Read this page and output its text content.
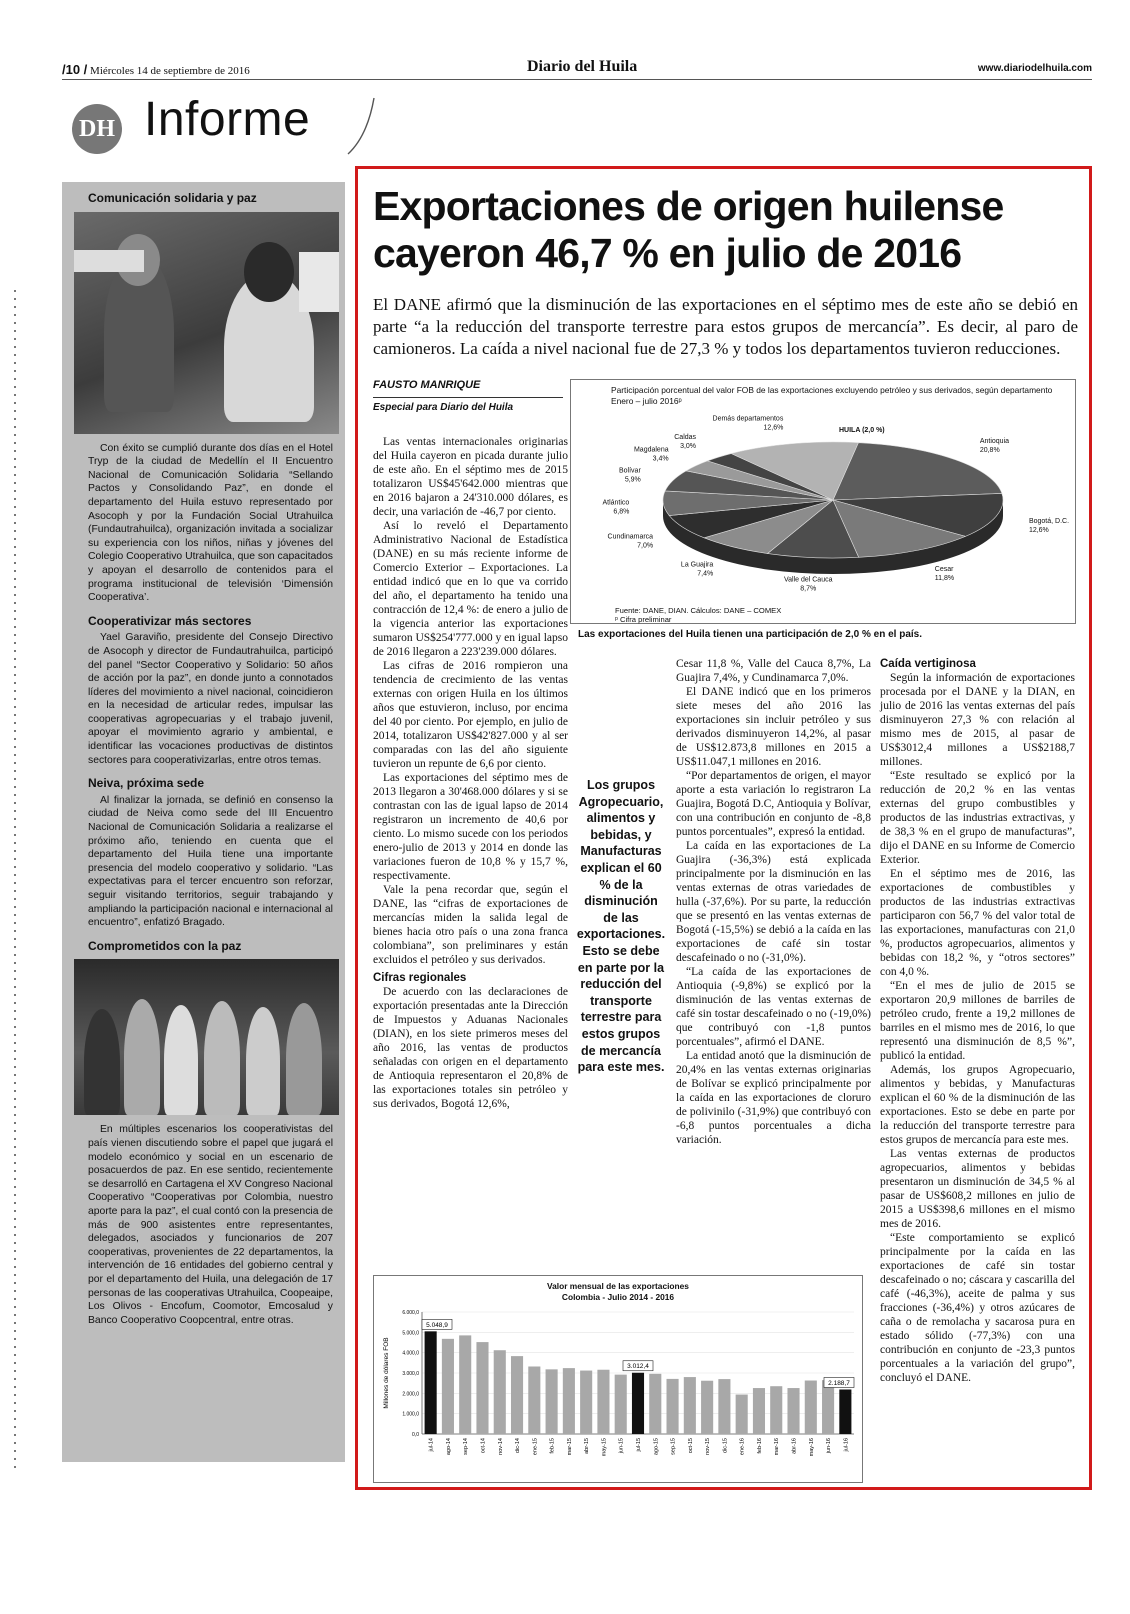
/10 / Miércoles 14 de septiembre de 2016	Diario del Huila	www.diariodelhuila.com
DH Informe
Comunicación solidaria y paz

Con éxito se cumplió durante dos días en el Hotel Tryp de la ciudad de Medellín el II Encuentro Nacional de Comunicación Solidaria “Sellando Pactos y Consolidando Paz”, en donde el departamento del Huila estuvo representado por Asocoph y por la Fundación Social Utrahuilca (Fundautrahuilca), organización invitada a socializar su experiencia con los niños, niñas y jóvenes del Colegio Cooperativo Utrahuilca, que son capacitados y apoyan el desarrollo de contenidos para el programa institucional de televisión ‘Dimensión Cooperativa’.

Cooperativizar más sectores

Yael Garaviño, presidente del Consejo Directivo de Asocoph y director de Fundautrahuilca, participó del panel “Sector Cooperativo y Solidario: 50 años de acción por la paz”, en donde junto a connotados líderes del movimiento a nivel nacional, coincidieron en la necesidad de articular redes, impulsar las cooperativas agropecuarias y el trabajo juvenil, apoyar el movimiento agrario y ambiental, e identificar las vocaciones productivas de distintos sectores para cooperativizarlas, entre otros temas.

Neiva, próxima sede

Al finalizar la jornada, se definió en consenso la ciudad de Neiva como sede del III Encuentro Nacional de Comunicación Solidaria a realizarse el próximo año, teniendo en cuenta que el departamento del Huila tiene una importante presencia del modelo cooperativo y solidario. “Las expectativas para el tercer encuentro son reforzar, seguir visitando territorios, seguir trabajando y ampliando la participación nacional e internacional al encuentro”, enfatizó Bragado.

Comprometidos con la paz

En múltiples escenarios los cooperativistas del país vienen discutiendo sobre el papel que jugará el modelo económico y social en un escenario de posacuerdos de paz. En ese sentido, recientemente se desarrolló en Cartagena el XV Congreso Nacional Cooperativo “Cooperativas por Colombia, nuestro aporte para la paz”, el cual contó con la presencia de más de 900 asistentes entre representantes, delegados, asociados y funcionarios de 207 cooperativas, provenientes de 22 departamentos, la intervención de 16 entidades del gobierno central y por el departamento del Huila, una delegación de 17 personas de las cooperativas Utrahuilca, Coopeaipe, Los Olivos - Encofum, Coomotor, Emcosalud y Banco Cooperativo Coopcentral, entre otras.

Exportaciones de origen huilense cayeron 46,7 % en julio de 2016
El DANE afirmó que la disminución de las exportaciones en el séptimo mes de este año se debió en parte “a la reducción del transporte terrestre para estos grupos de mercancía”. Es decir, al paro de camioneros. La caída a nivel nacional fue de 27,3 % y todos los departamentos tuvieron reducciones.
FAUSTO MANRIQUE
Especial para Diario del Huila

Las ventas internacionales originarias del Huila cayeron en picada durante julio de este año. En el séptimo mes de 2015 totalizaron US$45'642.000 mientras que en 2016 bajaron a 24'310.000 dólares, es decir, una variación de -46,7 por ciento.

Así lo reveló el Departamento Administrativo Nacional de Estadística (DANE) en su más reciente informe de Comercio Exterior – Exportaciones. La entidad indicó que en lo que va corrido del año, el departamento ha tenido una contracción de 12,4 %: de enero a julio de la vigencia anterior las exportaciones sumaron US$254'777.000 y en igual lapso de 2016 llegaron a 223'239.000 dólares.

Las cifras de 2016 rompieron una tendencia de crecimiento de las ventas externas con origen Huila en los últimos años que estuvieron, incluso, por encima del 40 por ciento. Por ejemplo, en julio de 2014, totalizaron US$42'827.000 y al ser comparadas con las del año siguiente tuvieron un repunte de 6,6 por ciento.

Las exportaciones del séptimo mes de 2013 llegaron a 30'468.000 dólares y si se contrastan con las de igual lapso de 2014 registraron un incremento de 40,6 por ciento. Lo mismo sucede con los periodos enero-julio de 2013 y 2014 en donde las variaciones fueron de 10,8 % y 15,7 %, respectivamente.

Vale la pena recordar que, según el DANE, las “cifras de exportaciones de mercancías miden la salida legal de bienes hacia otro país o una zona franca colombiana”, son preliminares y están excluidos el petróleo y sus derivados.

Cifras regionales

De acuerdo con las declaraciones de exportación presentadas ante la Dirección de Impuestos y Aduanas Nacionales (DIAN), en los siete primeros meses del año 2016, las ventas de productos señaladas con origen en el departamento de Antioquia representaron el 20,8% de las exportaciones totales sin petróleo y sus derivados, Bogotá 12,6%,

Los grupos Agropecuario, alimentos y bebidas, y Manufacturas explican el 60 % de la disminución de las exportaciones. Esto se debe en parte por la reducción del transporte terrestre para estos grupos de mercancía para este mes.

Cesar 11,8 %, Valle del Cauca 8,7%, La Guajira 7,4%, y Cundinamarca 7,0%.

El DANE indicó que en los primeros siete meses del año 2016 las exportaciones sin incluir petróleo y sus derivados disminuyeron 14,2%, al pasar de US$12.873,8 millones en 2015 a US$11.047,1 millones en 2016.

“Por departamentos de origen, el mayor aporte a esta variación lo registraron La Guajira, Bogotá D.C, Antioquia y Bolívar, con una contribución en conjunto de -8,8 puntos porcentuales”, expresó la entidad.

La caída en las exportaciones de La Guajira (-36,3%) está explicada principalmente por la disminución en las ventas externas de otras variedades de hulla (-37,6%). Por su parte, la reducción que se presentó en las ventas externas de Bogotá (-15,5%) se debió a la caída en las exportaciones de café sin tostar descafeinado o no (-31,0%).

“La caída de las exportaciones de Antioquia (-9,8%) se explicó por la disminución de las ventas externas de café sin tostar descafeinado o no (-19,0%) que contribuyó con -1,8 puntos porcentuales”, afirmó el DANE.

La entidad anotó que la disminución de 20,4% en las ventas externas originarias de Bolívar se explicó principalmente por la caída en las exportaciones de cloruro de polivinilo (-31,9%) que contribuyó con -6,8 puntos porcentuales a dicha variación.

Caída vertiginosa

Según la información de exportaciones procesada por el DANE y la DIAN, en julio de 2016 las ventas externas del país disminuyeron 27,3 % con relación al mismo mes de 2015, al pasar de US$3012,4 millones a US$2188,7 millones.

“Este resultado se explicó por la reducción de 20,2 % en las ventas externas del grupo combustibles y productos de las industrias extractivas, y de 38,3 % en el grupo de manufacturas”, dijo el DANE en su Informe de Comercio Exterior.

En el séptimo mes de 2016, las exportaciones de combustibles y productos de las industrias extractivas participaron con 56,7 % del valor total de las exportaciones, manufacturas con 21,0 %, productos agropecuarios, alimentos y bebidas con 18,2 %, y “otros sectores” con 4,0 %.

“En el mes de julio de 2015 se exportaron 20,9 millones de barriles de petróleo crudo, frente a 19,2 millones de barriles en el mismo mes de 2016, lo que representó una disminución de 8,5 %”, publicó la entidad.

Además, los grupos Agropecuario, alimentos y bebidas, y Manufacturas explican el 60 % de la disminución de las exportaciones. Esto se debe en parte por la reducción del transporte terrestre para estos grupos de mercancía para este mes.

Las ventas externas de productos agropecuarios, alimentos y bebidas presentaron un disminución de 34,5 % al pasar de US$608,2 millones en julio de 2015 a US$398,6 millones en el mismo mes de 2016.

“Este comportamiento se explicó principalmente por la caída en las exportaciones de café sin tostar descafeinado o no; cáscara y cascarilla del café (-46,3%), aceite de palma y sus fracciones (-36,4%) y otros azúcares de caña o de remolacha y sacarosa pura en estado sólido (-77,3%) con una contribución en conjunto de -23,3 puntos porcentuales a la variación del grupo”, concluyó el DANE.

Participación porcentual del valor FOB de las exportaciones excluyendo petróleo y sus derivados, según departamento
Enero – julio 2016ᵖ
Antioquia
20,8%
Bogotá, D.C.
12,6%
Cesar
11,8%
Valle del Cauca
8,7%
La Guajira
7,4%
Cundinamarca
7,0%
Atlántico
6,8%
Bolívar
5,9%
Magdalena
3,4%
Caldas
3,0%
Demás departamentos
12,6%	HUILA (2,0 %)
Fuente: DANE, DIAN. Cálculos: DANE – COMEX
ᵖ Cifra preliminar
Las exportaciones del Huila tienen una participación de 2,0 % en el país.
Valor mensual de las exportaciones
Colombia - Julio 2014 - 2016
Millones de dólares FOB
0,0
1.000,0
2.000,0
3.000,0
4.000,0
5.000,0
6.000,0
jul-14 ago-14 sep-14 oct-14 nov-14 dic-14 ene-15 feb-15 mar-15 abr-15 may-15 jun-15 jul-15 ago-15 sep-15 oct-15 nov-15 dic-15 ene-16 feb-16 mar-16 abr-16 may-16 jun-16 jul-16
5.048,9
3.012,4
2.188,7
